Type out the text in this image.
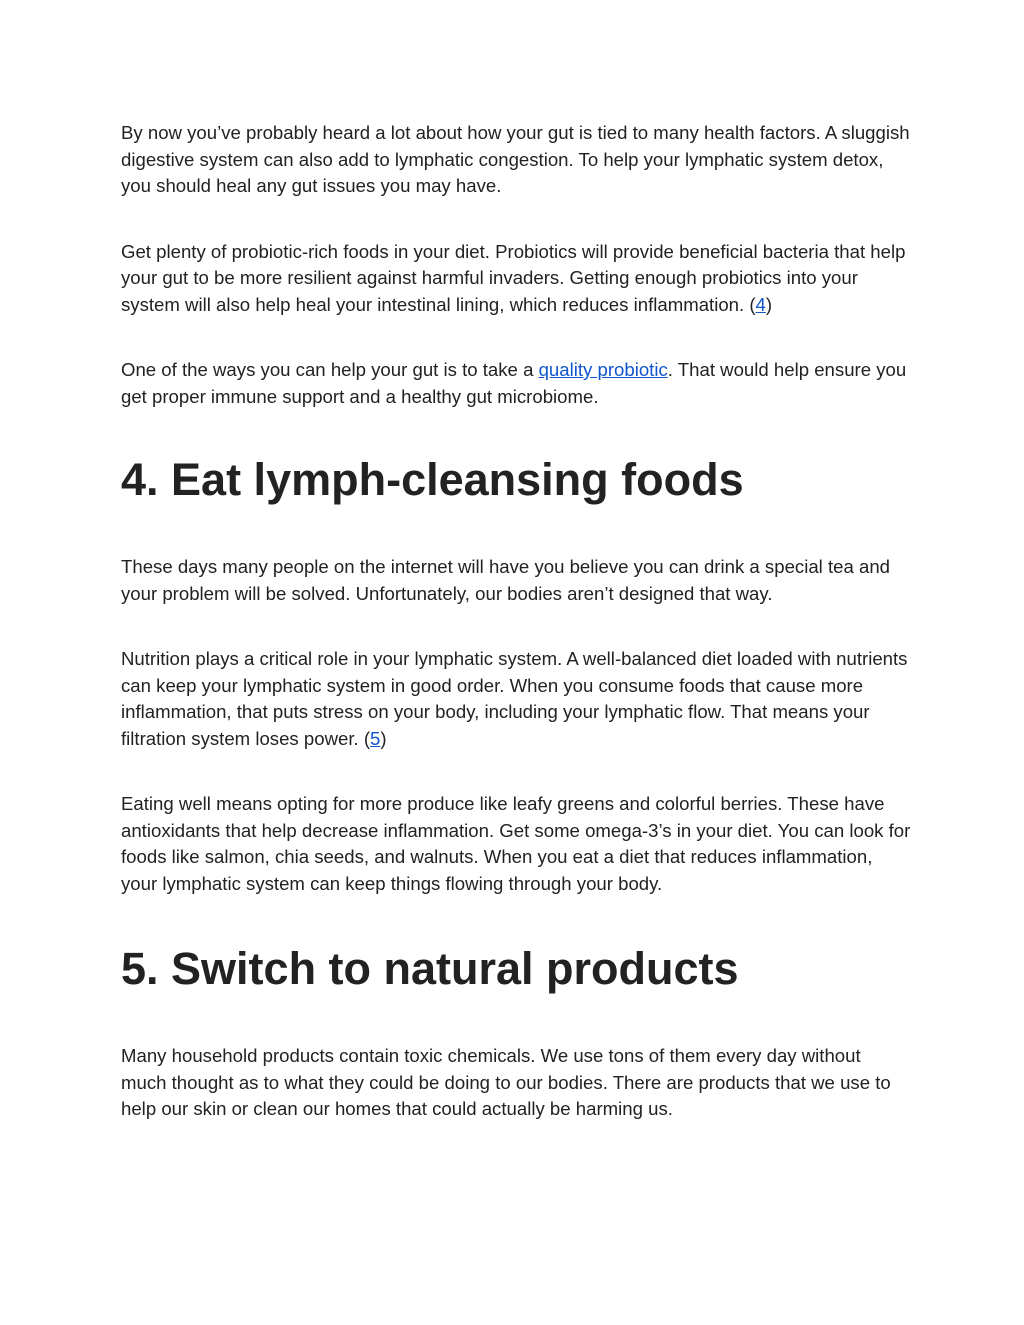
By now you’ve probably heard a lot about how your gut is tied to many health factors. A sluggish digestive system can also add to lymphatic congestion. To help your lymphatic system detox, you should heal any gut issues you may have.

Get plenty of probiotic-rich foods in your diet. Probiotics will provide beneficial bacteria that help your gut to be more resilient against harmful invaders. Getting enough probiotics into your system will also help heal your intestinal lining, which reduces inflammation. (4)

One of the ways you can help your gut is to take a quality probiotic. That would help ensure you get proper immune support and a healthy gut microbiome.

4. Eat lymph-cleansing foods

These days many people on the internet will have you believe you can drink a special tea and your problem will be solved. Unfortunately, our bodies aren’t designed that way.

Nutrition plays a critical role in your lymphatic system. A well-balanced diet loaded with nutrients can keep your lymphatic system in good order. When you consume foods that cause more inflammation, that puts stress on your body, including your lymphatic flow. That means your filtration system loses power. (5)

Eating well means opting for more produce like leafy greens and colorful berries. These have antioxidants that help decrease inflammation. Get some omega-3’s in your diet. You can look for foods like salmon, chia seeds, and walnuts. When you eat a diet that reduces inflammation, your lymphatic system can keep things flowing through your body.

5. Switch to natural products

Many household products contain toxic chemicals. We use tons of them every day without much thought as to what they could be doing to our bodies. There are products that we use to help our skin or clean our homes that could actually be harming us.
